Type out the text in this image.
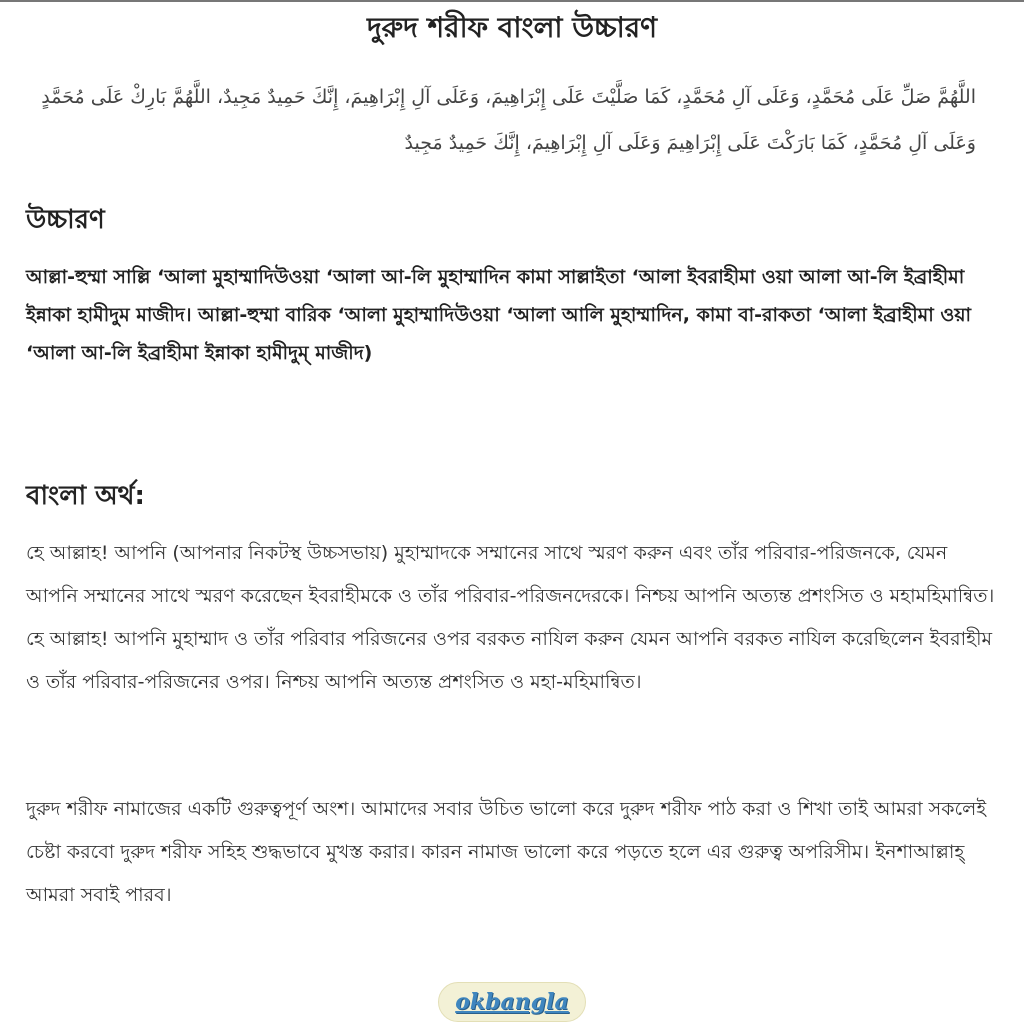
দুরুদ শরীফ বাংলা উচ্চারণ
اللَّهُمَّ صَلِّ عَلَى مُحَمَّدٍ، وَعَلَى آلِ مُحَمَّدٍ، كَمَا صَلَّيْتَ عَلَى إِبْرَاهِيمَ، وَعَلَى آلِ إِبْرَاهِيمَ، إِنَّكَ حَمِيدٌ مَجِيدٌ، اللَّهُمَّ بَارِكْ عَلَى مُحَمَّدٍ وَعَلَى آلِ مُحَمَّدٍ، كَمَا بَارَكْتَ عَلَى إِبْرَاهِيمَ وَعَلَى آلِ إِبْرَاهِيمَ، إِنَّكَ حَمِيدٌ مَجِيدٌ
উচ্চারণ
আল্লা-হুম্মা সাল্লি ‘আলা মুহাম্মাদিউওয়া ‘আলা আ-লি মুহাম্মাদিন কামা সাল্লাইতা ‘আলা ইবরাহীমা ওয়া আলা আ-লি ইব্রাহীমা ইন্নাকা হামীদুম মাজীদ। আল্লা-হুম্মা বারিক ‘আলা মুহাম্মাদিউওয়া ‘আলা আলি মুহাম্মাদিন, কামা বা-রাকতা ‘আলা ইব্রাহীমা ওয়া ‘আলা আ-লি ইব্রাহীমা ইন্নাকা হামীদুম্ মাজীদ)
বাংলা অর্থ:
হে আল্লাহ! আপনি (আপনার নিকটস্থ উচ্চসভায়) মুহাম্মাদকে সম্মানের সাথে স্মরণ করুন এবং তাঁর পরিবার-পরিজনকে, যেমন আপনি সম্মানের সাথে স্মরণ করেছেন ইবরাহীমকে ও তাঁর পরিবার-পরিজনদেরকে। নিশ্চয় আপনি অত্যন্ত প্রশংসিত ও মহামহিমান্বিত। হে আল্লাহ! আপনি মুহাম্মাদ ও তাঁর পরিবার পরিজনের ওপর বরকত নাযিল করুন যেমন আপনি বরকত নাযিল করেছিলেন ইবরাহীম ও তাঁর পরিবার-পরিজনের ওপর। নিশ্চয় আপনি অত্যন্ত প্রশংসিত ও মহা-মহিমান্বিত।
দুরুদ শরীফ নামাজের একটি গুরুত্বপূর্ণ অংশ। আমাদের সবার উচিত ভালো করে দুরুদ শরীফ পাঠ করা ও শিখা তাই আমরা সকলেই চেষ্টা করবো দুরুদ শরীফ সহিহ শুদ্ধভাবে মুখস্ত করার। কারন নামাজ ভালো করে পড়তে হলে এর গুরুত্ব অপরিসীম। ইনশাআল্লাহ্ আমরা সবাই পারব।
okbangla
